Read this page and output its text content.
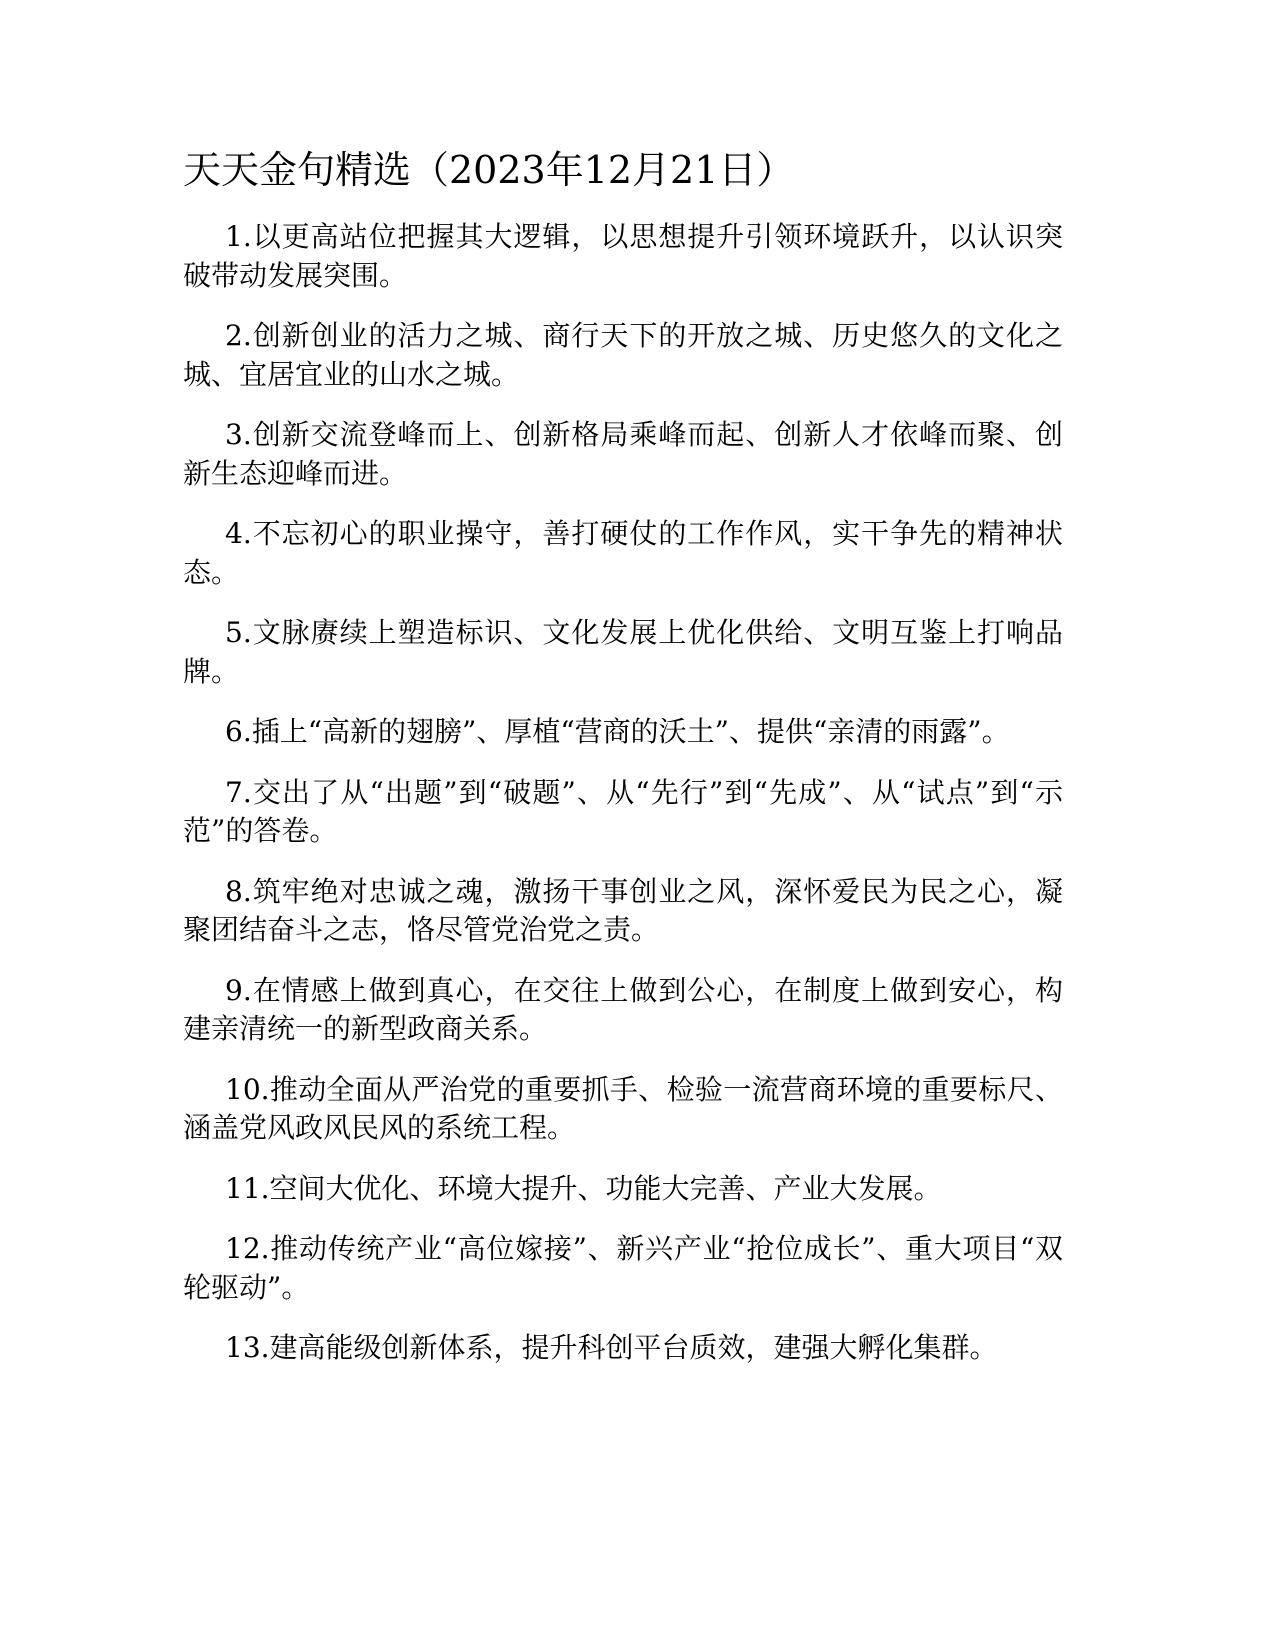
天天金句精选（2023年12月21日）

1.以更高站位把握其大逻辑，以思想提升引领环境跃升，以认识突破带动发展突围。

2.创新创业的活力之城、商行天下的开放之城、历史悠久的文化之城、宜居宜业的山水之城。

3.创新交流登峰而上、创新格局乘峰而起、创新人才依峰而聚、创新生态迎峰而进。

4.不忘初心的职业操守，善打硬仗的工作作风，实干争先的精神状态。

5.文脉赓续上塑造标识、文化发展上优化供给、文明互鉴上打响品牌。

6.插上“高新的翅膀”、厚植“营商的沃土”、提供“亲清的雨露”。

7.交出了从“出题”到“破题”、从“先行”到“先成”、从“试点”到“示范”的答卷。

8.筑牢绝对忠诚之魂，激扬干事创业之风，深怀爱民为民之心，凝聚团结奋斗之志，恪尽管党治党之责。

9.在情感上做到真心，在交往上做到公心，在制度上做到安心，构建亲清统一的新型政商关系。

10.推动全面从严治党的重要抓手、检验一流营商环境的重要标尺、涵盖党风政风民风的系统工程。

11.空间大优化、环境大提升、功能大完善、产业大发展。

12.推动传统产业“高位嫁接”、新兴产业“抢位成长”、重大项目“双轮驱动”。

13.建高能级创新体系，提升科创平台质效，建强大孵化集群。
